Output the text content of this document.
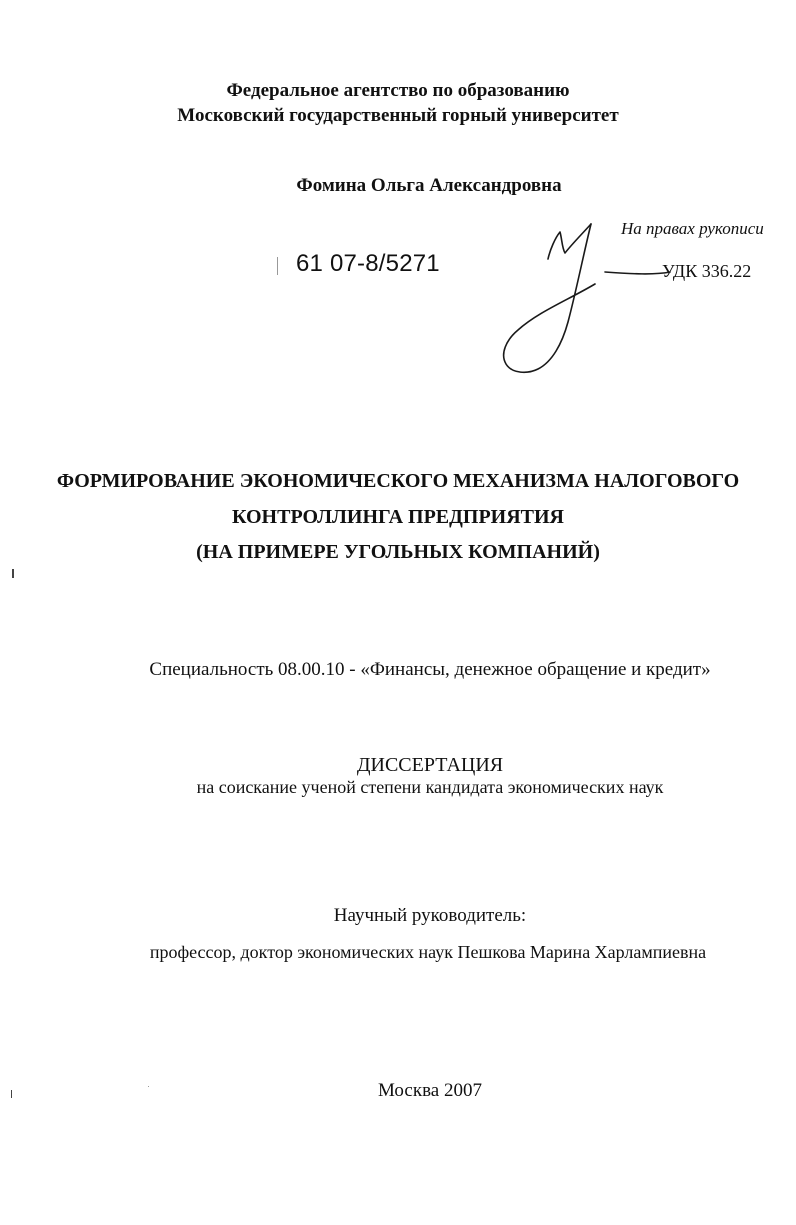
Федеральное агентство по образованию
Московский государственный горный университет
Фомина Ольга Александровна
61 07-8/5271
На правах рукописи
УДК 336.22
ФОРМИРОВАНИЕ ЭКОНОМИЧЕСКОГО МЕХАНИЗМА НАЛОГОВОГО
КОНТРОЛЛИНГА ПРЕДПРИЯТИЯ
(НА ПРИМЕРЕ УГОЛЬНЫХ КОМПАНИЙ)
Специальность 08.00.10 - «Финансы, денежное обращение и кредит»
ДИССЕРТАЦИЯ
на соискание ученой степени кандидата экономических наук
Научный руководитель:
профессор, доктор экономических наук Пешкова Марина Харлампиевна
Москва 2007
